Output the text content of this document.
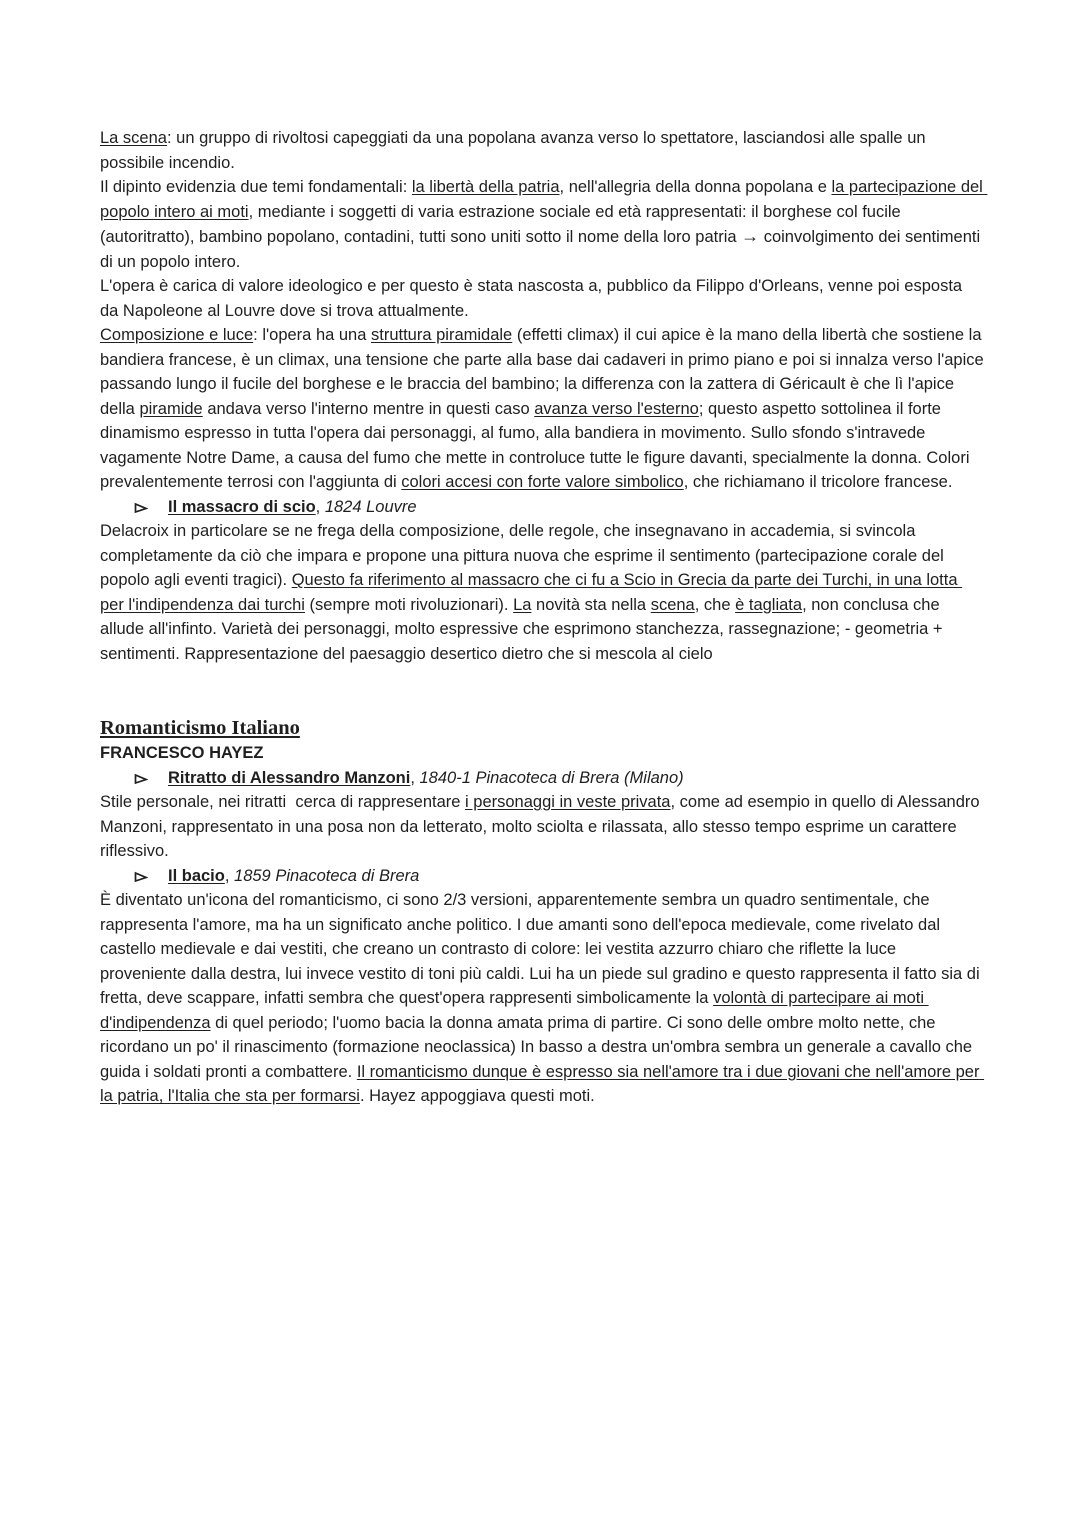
La scena: un gruppo di rivoltosi capeggiati da una popolana avanza verso lo spettatore, lasciandosi alle spalle un possibile incendio.

Il dipinto evidenzia due temi fondamentali: la libertà della patria, nell'allegria della donna popolana e la partecipazione del popolo intero ai moti, mediante i soggetti di varia estrazione sociale ed età rappresentati: il borghese col fucile (autoritratto), bambino popolano, contadini, tutti sono uniti sotto il nome della loro patria → coinvolgimento dei sentimenti di un popolo intero.

L'opera è carica di valore ideologico e per questo è stata nascosta a, pubblico da Filippo d'Orleans, venne poi esposta da Napoleone al Louvre dove si trova attualmente.

Composizione e luce: l'opera ha una struttura piramidale (effetti climax) il cui apice è la mano della libertà che sostiene la bandiera francese, è un climax, una tensione che parte alla base dai cadaveri in primo piano e poi si innalza verso l'apice passando lungo il fucile del borghese e le braccia del bambino; la differenza con la zattera di Géricault è che lì l'apice della piramide andava verso l'interno mentre in questi caso avanza verso l'esterno; questo aspetto sottolinea il forte dinamismo espresso in tutta l'opera dai personaggi, al fumo, alla bandiera in movimento. Sullo sfondo s'intravede vagamente Notre Dame, a causa del fumo che mette in controluce tutte le figure davanti, specialmente la donna. Colori prevalentemente terrosi con l'aggiunta di colori accesi con forte valore simbolico, che richiamano il tricolore francese.

Il massacro di scio, 1824 Louvre

Delacroix in particolare se ne frega della composizione, delle regole, che insegnavano in accademia, si svincola completamente da ciò che impara e propone una pittura nuova che esprime il sentimento (partecipazione corale del popolo agli eventi tragici). Questo fa riferimento al massacro che ci fu a Scio in Grecia da parte dei Turchi, in una lotta per l'indipendenza dai turchi (sempre moti rivoluzionari). La novità sta nella scena, che è tagliata, non conclusa che allude all'infinto. Varietà dei personaggi, molto espressive che esprimono stanchezza, rassegnazione; - geometria + sentimenti. Rappresentazione del paesaggio desertico dietro che si mescola al cielo

Romanticismo Italiano
FRANCESCO HAYEZ
Ritratto di Alessandro Manzoni, 1840-1 Pinacoteca di Brera (Milano)

Stile personale, nei ritratti  cerca di rappresentare i personaggi in veste privata, come ad esempio in quello di Alessandro Manzoni, rappresentato in una posa non da letterato, molto sciolta e rilassata, allo stesso tempo esprime un carattere riflessivo.

Il bacio, 1859 Pinacoteca di Brera

È diventato un'icona del romanticismo, ci sono 2/3 versioni, apparentemente sembra un quadro sentimentale, che rappresenta l'amore, ma ha un significato anche politico. I due amanti sono dell'epoca medievale, come rivelato dal castello medievale e dai vestiti, che creano un contrasto di colore: lei vestita azzurro chiaro che riflette la luce proveniente dalla destra, lui invece vestito di toni più caldi. Lui ha un piede sul gradino e questo rappresenta il fatto sia di fretta, deve scappare, infatti sembra che quest'opera rappresenti simbolicamente la volontà di partecipare ai moti d'indipendenza di quel periodo; l'uomo bacia la donna amata prima di partire. Ci sono delle ombre molto nette, che ricordano un po' il rinascimento (formazione neoclassica) In basso a destra un'ombra sembra un generale a cavallo che guida i soldati pronti a combattere. Il romanticismo dunque è espresso sia nell'amore tra i due giovani che nell'amore per la patria, l'Italia che sta per formarsi. Hayez appoggiava questi moti.
